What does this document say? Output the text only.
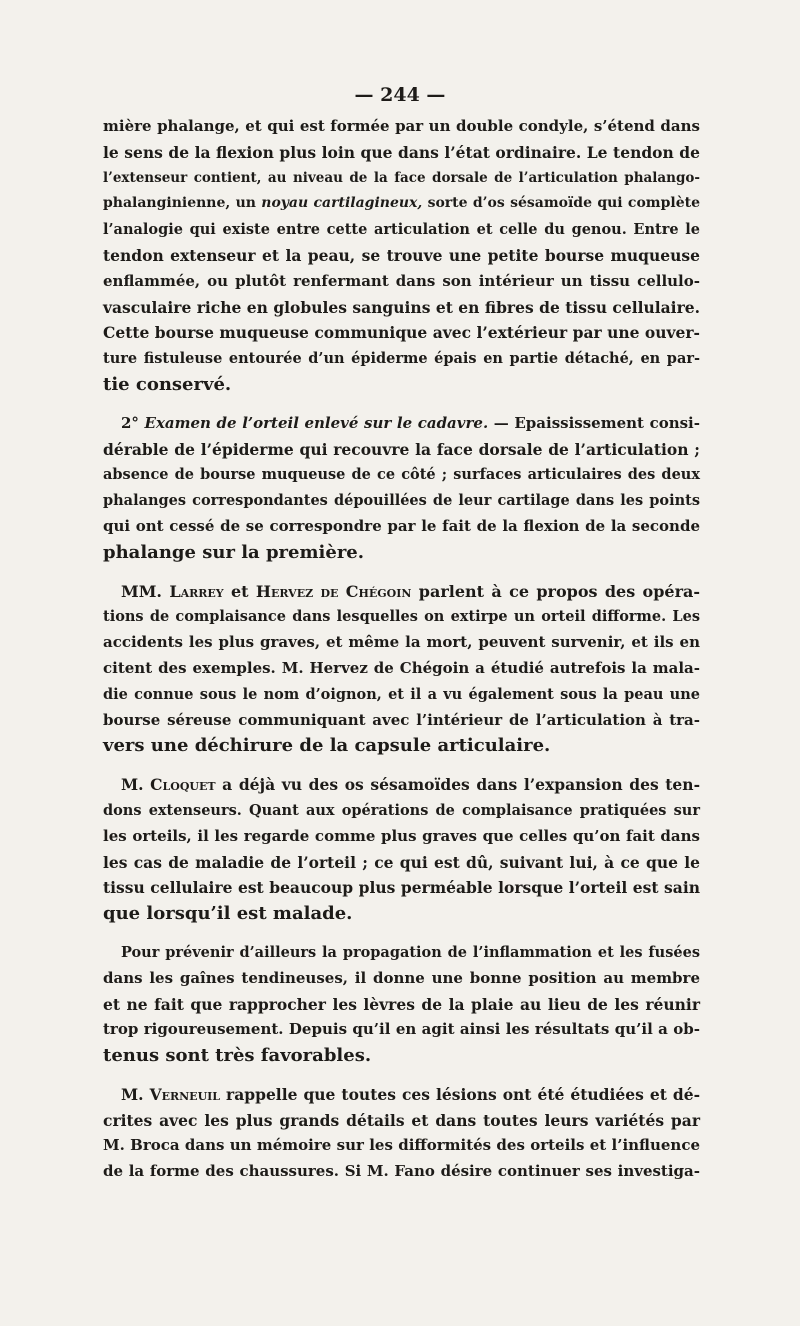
— 244 —
mière phalange, et qui est formée par un double condyle, s’étend dans
le sens de la flexion plus loin que dans l’état ordinaire. Le tendon de
l’extenseur contient, au niveau de la face dorsale de l’articulation phalango-
phalanginienne, un noyau cartilagineux, sorte d’os sésamoïde qui complète
l’analogie qui existe entre cette articulation et celle du genou. Entre le
tendon extenseur et la peau, se trouve une petite bourse muqueuse
enflammée, ou plutôt renfermant dans son intérieur un tissu cellulo-
vasculaire riche en globules sanguins et en fibres de tissu cellulaire.
Cette bourse muqueuse communique avec l’extérieur par une ouver-
ture fistuleuse entourée d’un épiderme épais en partie détaché, en par-
tie conservé.
2° Examen de l’orteil enlevé sur le cadavre. — Epaississement consi-
dérable de l’épiderme qui recouvre la face dorsale de l’articulation ;
absence de bourse muqueuse de ce côté ; surfaces articulaires des deux
phalanges correspondantes dépouillées de leur cartilage dans les points
qui ont cessé de se correspondre par le fait de la flexion de la seconde
phalange sur la première.
MM. Larrey et Hervez de Chégoin parlent à ce propos des opéra-
tions de complaisance dans lesquelles on extirpe un orteil difforme. Les
accidents les plus graves, et même la mort, peuvent survenir, et ils en
citent des exemples. M. Hervez de Chégoin a étudié autrefois la mala-
die connue sous le nom d’oignon, et il a vu également sous la peau une
bourse séreuse communiquant avec l’intérieur de l’articulation à tra-
vers une déchirure de la capsule articulaire.
M. Cloquet a déjà vu des os sésamoïdes dans l’expansion des ten-
dons extenseurs. Quant aux opérations de complaisance pratiquées sur
les orteils, il les regarde comme plus graves que celles qu’on fait dans
les cas de maladie de l’orteil ; ce qui est dû, suivant lui, à ce que le
tissu cellulaire est beaucoup plus perméable lorsque l’orteil est sain
que lorsqu’il est malade.
Pour prévenir d’ailleurs la propagation de l’inflammation et les fusées
dans les gaînes tendineuses, il donne une bonne position au membre
et ne fait que rapprocher les lèvres de la plaie au lieu de les réunir
trop rigoureusement. Depuis qu’il en agit ainsi les résultats qu’il a ob-
tenus sont très favorables.
M. Verneuil rappelle que toutes ces lésions ont été étudiées et dé-
crites avec les plus grands détails et dans toutes leurs variétés par
M. Broca dans un mémoire sur les difformités des orteils et l’influence
de la forme des chaussures. Si M. Fano désire continuer ses investiga-
